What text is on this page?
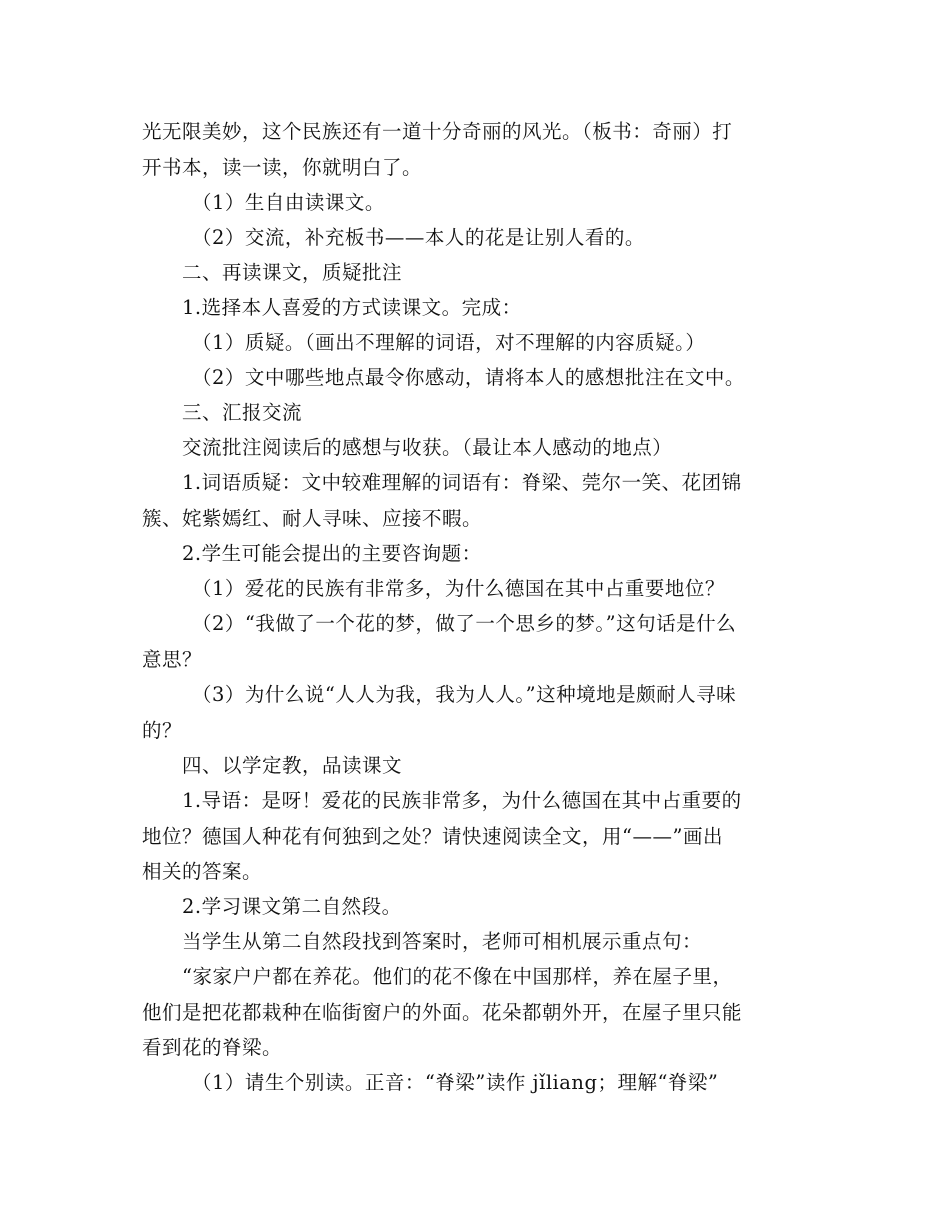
光无限美妙，这个民族还有一道十分奇丽的风光。（板书：奇丽）打
开书本，读一读，你就明白了。
（1）生自由读课文。
（2）交流，补充板书——本人的花是让别人看的。
二、再读课文，质疑批注
1.选择本人喜爱的方式读课文。完成：
（1）质疑。（画出不理解的词语，对不理解的内容质疑。）
（2）文中哪些地点最令你感动，请将本人的感想批注在文中。
三、汇报交流
交流批注阅读后的感想与收获。（最让本人感动的地点）
1.词语质疑：文中较难理解的词语有：脊梁、莞尔一笑、花团锦
簇、姹紫嫣红、耐人寻味、应接不暇。
2.学生可能会提出的主要咨询题：
（1）爱花的民族有非常多，为什么德国在其中占重要地位？
（2）“我做了一个花的梦，做了一个思乡的梦。”这句话是什么
意思？
（3）为什么说“人人为我，我为人人。”这种境地是颇耐人寻味
的？
四、以学定教，品读课文
1.导语：是呀！爱花的民族非常多，为什么德国在其中占重要的
地位？德国人种花有何独到之处？请快速阅读全文，用“——”画出
相关的答案。
2.学习课文第二自然段。
当学生从第二自然段找到答案时，老师可相机展示重点句：
“家家户户都在养花。他们的花不像在中国那样，养在屋子里，
他们是把花都栽种在临街窗户的外面。花朵都朝外开，在屋子里只能
看到花的脊梁。
（1）请生个别读。正音：“脊梁”读作 jǐliang；理解“脊梁”
